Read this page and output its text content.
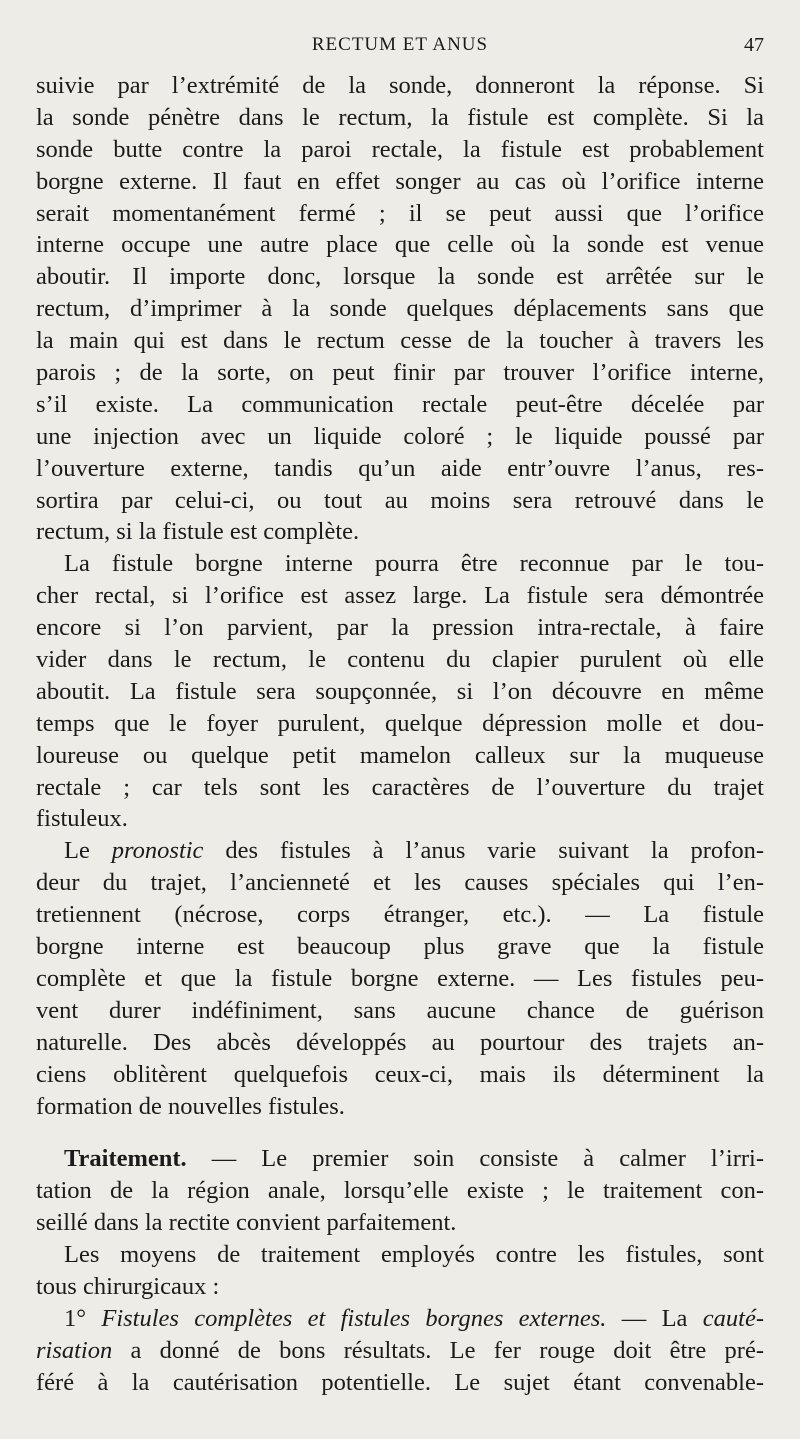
RECTUM ET ANUS	47
suivie par l’extrémité de la sonde, donneront la réponse. Si
la sonde pénètre dans le rectum, la fistule est complète. Si la
sonde butte contre la paroi rectale, la fistule est probablement
borgne externe. Il faut en effet songer au cas où l’orifice interne
serait momentanément fermé ; il se peut aussi que l’orifice
interne occupe une autre place que celle où la sonde est venue
aboutir. Il importe donc, lorsque la sonde est arrêtée sur le
rectum, d’imprimer à la sonde quelques déplacements sans que
la main qui est dans le rectum cesse de la toucher à travers les
parois ; de la sorte, on peut finir par trouver l’orifice interne,
s’il existe. La communication rectale peut-être décelée par
une injection avec un liquide coloré ; le liquide poussé par
l’ouverture externe, tandis qu’un aide entr’ouvre l’anus, res-
sortira par celui-ci, ou tout au moins sera retrouvé dans le
rectum, si la fistule est complète.
La fistule borgne interne pourra être reconnue par le tou-
cher rectal, si l’orifice est assez large. La fistule sera démontrée
encore si l’on parvient, par la pression intra-rectale, à faire
vider dans le rectum, le contenu du clapier purulent où elle
aboutit. La fistule sera soupçonnée, si l’on découvre en même
temps que le foyer purulent, quelque dépression molle et dou-
loureuse ou quelque petit mamelon calleux sur la muqueuse
rectale ; car tels sont les caractères de l’ouverture du trajet
fistuleux.
Le pronostic des fistules à l’anus varie suivant la profon-
deur du trajet, l’ancienneté et les causes spéciales qui l’en-
tretiennent (nécrose, corps étranger, etc.). — La fistule
borgne interne est beaucoup plus grave que la fistule
complète et que la fistule borgne externe. — Les fistules peu-
vent durer indéfiniment, sans aucune chance de guérison
naturelle. Des abcès développés au pourtour des trajets an-
ciens oblitèrent quelquefois ceux-ci, mais ils déterminent la
formation de nouvelles fistules.
Traitement. — Le premier soin consiste à calmer l’irri-
tation de la région anale, lorsqu’elle existe ; le traitement con-
seillé dans la rectite convient parfaitement.
Les moyens de traitement employés contre les fistules, sont
tous chirurgicaux :
1° Fistules complètes et fistules borgnes externes. — La cauté-
risation a donné de bons résultats. Le fer rouge doit être pré-
féré à la cautérisation potentielle. Le sujet étant convenable-
